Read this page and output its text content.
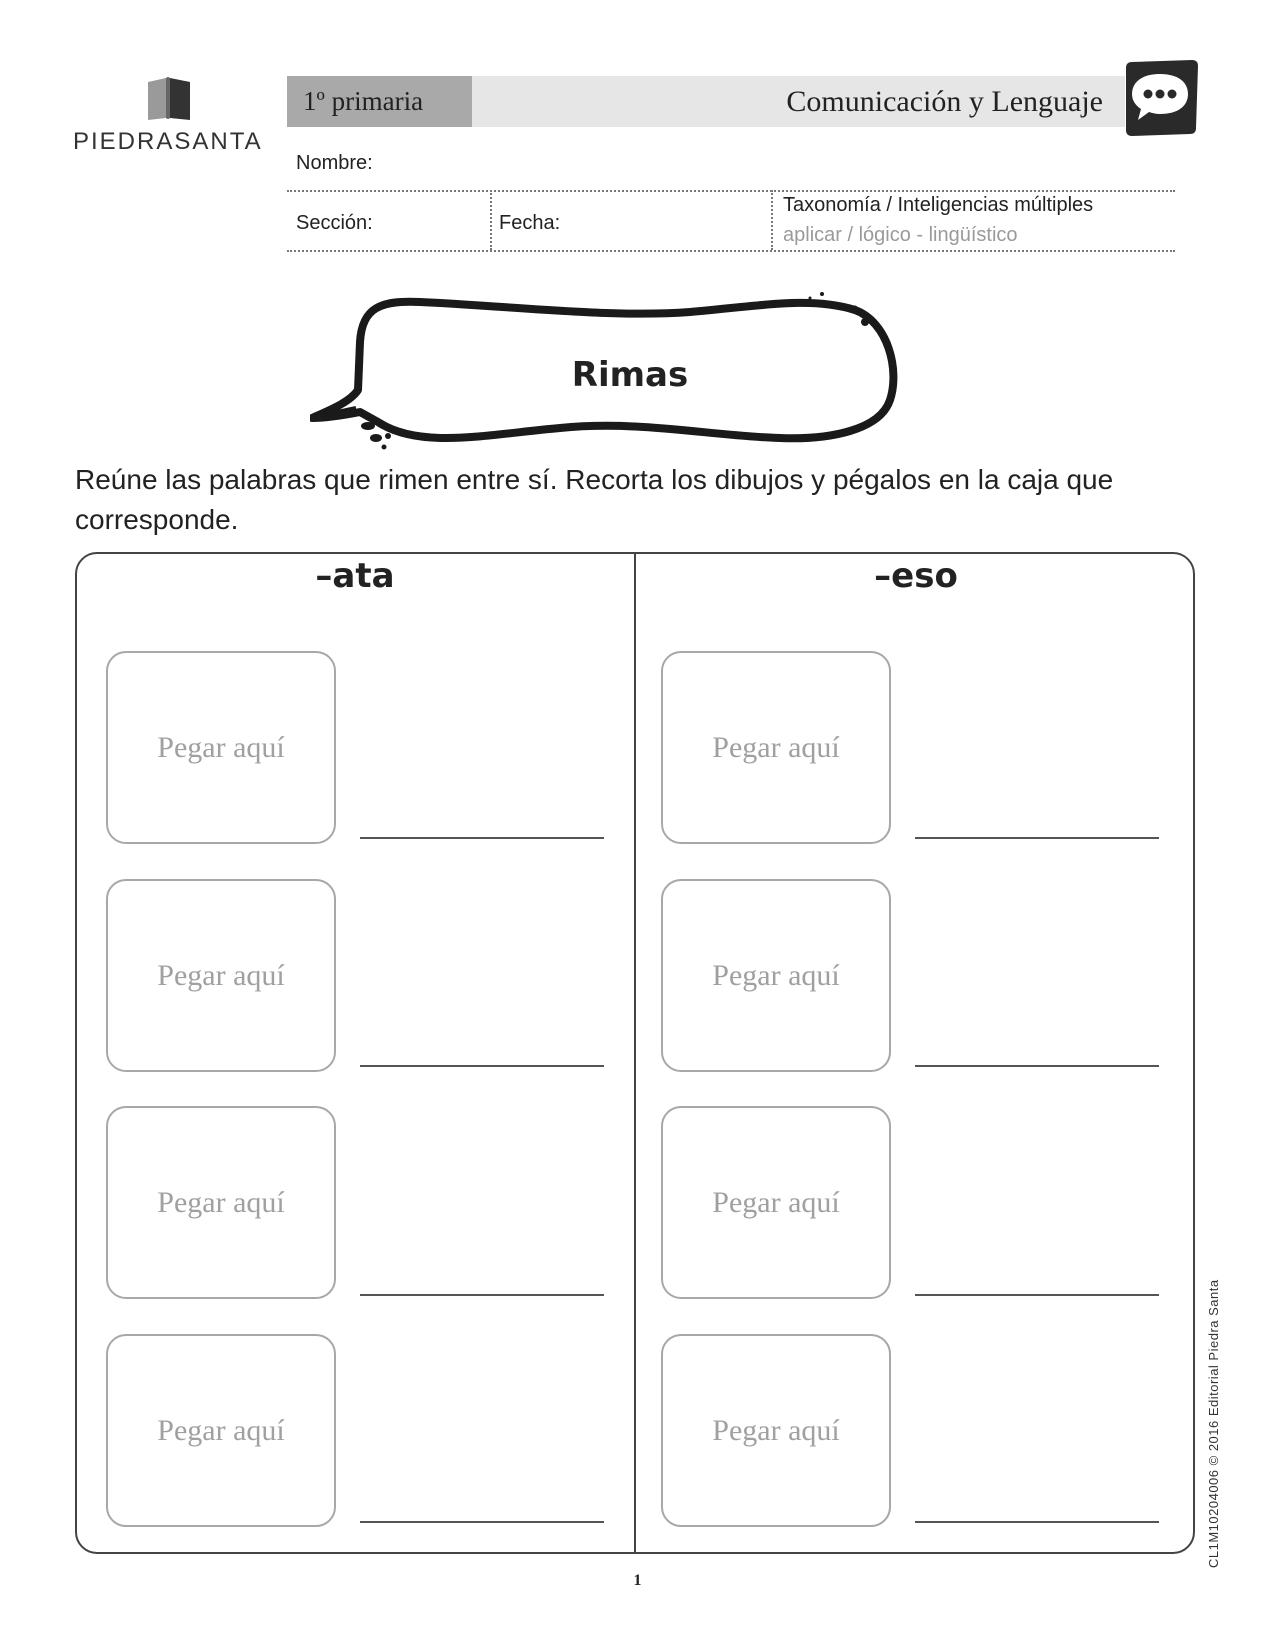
PIEDRASANTA
1º primaria	Comunicación y Lenguaje
Nombre:
Sección:	Fecha:
Taxonomía / Inteligencias múltiples
aplicar / lógico - lingüístico
Rimas
Reúne las palabras que rimen entre sí. Recorta los dibujos y pégalos en la caja que corresponde.
–ata	–eso
Pegar aquí
Pegar aquí
Pegar aquí
Pegar aquí
Pegar aquí
Pegar aquí
Pegar aquí
Pegar aquí
1
CL1M10204006 © 2016 Editorial Piedra Santa
